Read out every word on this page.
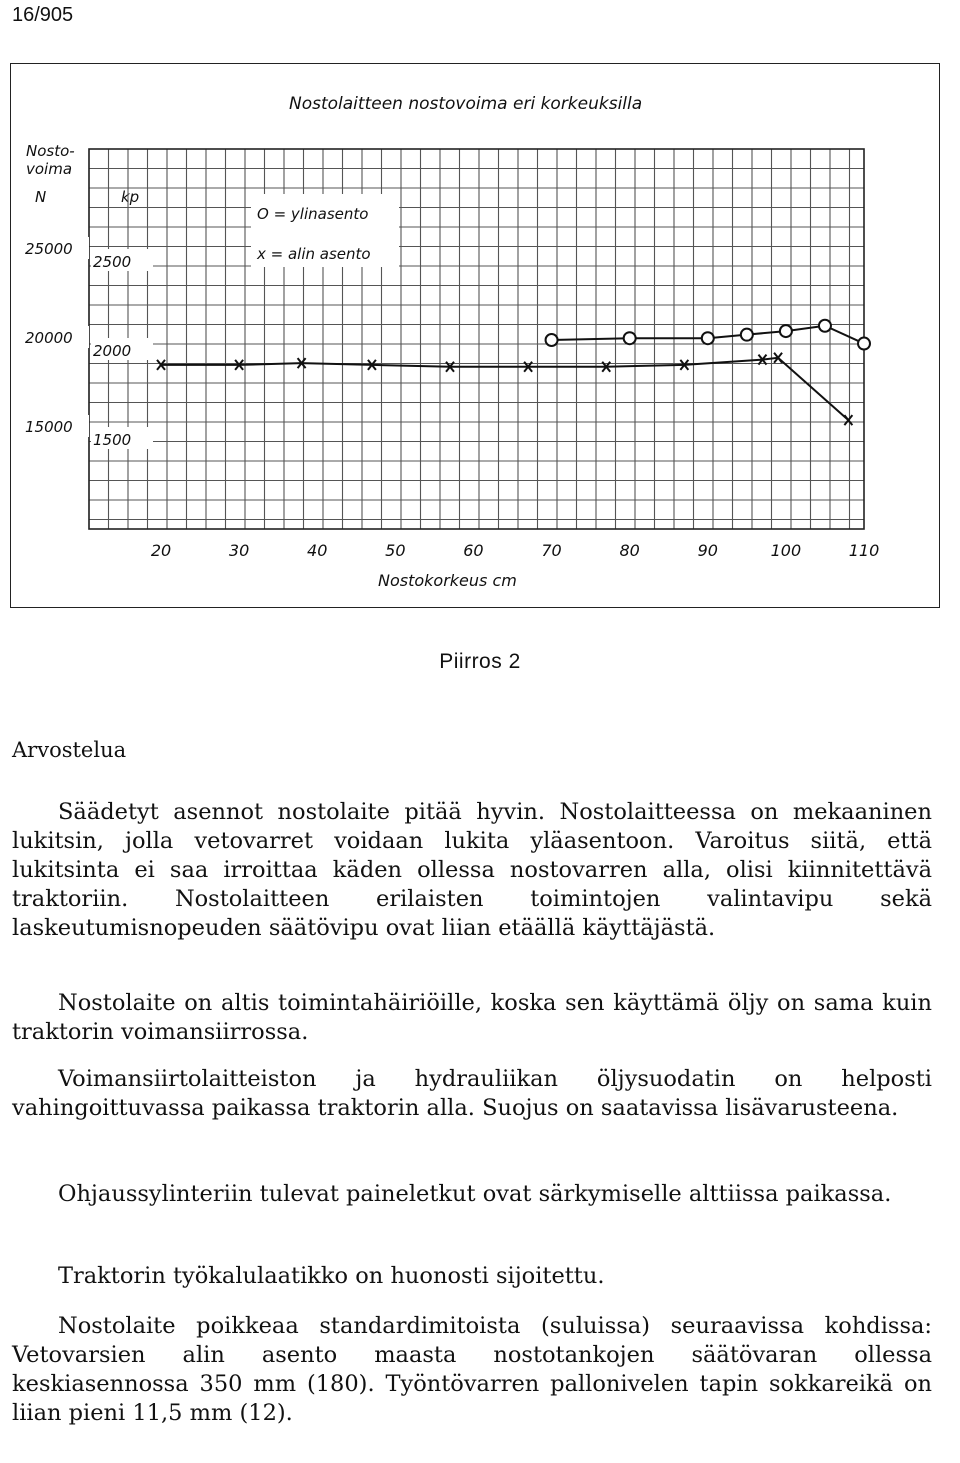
16/905
Nostolaitteen nostovoima eri korkeuksilla
Nosto-
voima
N	kp
O = ylinasento
x = alin asento
15000
1500
20000
2000
25000
2500
20	30	40	50	60	70	80	90	100	110
Nostokorkeus cm
Piirros 2
Arvostelua

Säädetyt asennot nostolaite pitää hyvin. Nostolaitteessa on mekaaninen lukitsin, jolla vetovarret voidaan lukita yläasentoon. Varoitus siitä, että lukitsinta ei saa irroittaa käden ollessa nostovarren alla, olisi kiinnitettävä traktoriin. Nostolaitteen erilaisten toimintojen valintavipu sekä laskeutumisnopeuden säätövipu ovat liian etäällä käyttäjästä.

Nostolaite on altis toimintahäiriöille, koska sen käyttämä öljy on sama kuin traktorin voimansiirrossa.

Voimansiirtolaitteiston ja hydrauliikan öljysuodatin on helposti vahingoittuvassa paikassa traktorin alla. Suojus on saatavissa lisävarusteena.

Ohjaussylinteriin tulevat paineletkut ovat särkymiselle alttiissa paikassa.

Traktorin työkalulaatikko on huonosti sijoitettu.

Nostolaite poikkeaa standardimitoista (suluissa) seuraavissa kohdissa: Vetovarsien alin asento maasta nostotankojen säätövaran ollessa keskiasennossa 350 mm (180). Työntövarren pallonivelen tapin sokkareikä on liian pieni 11,5 mm (12).
